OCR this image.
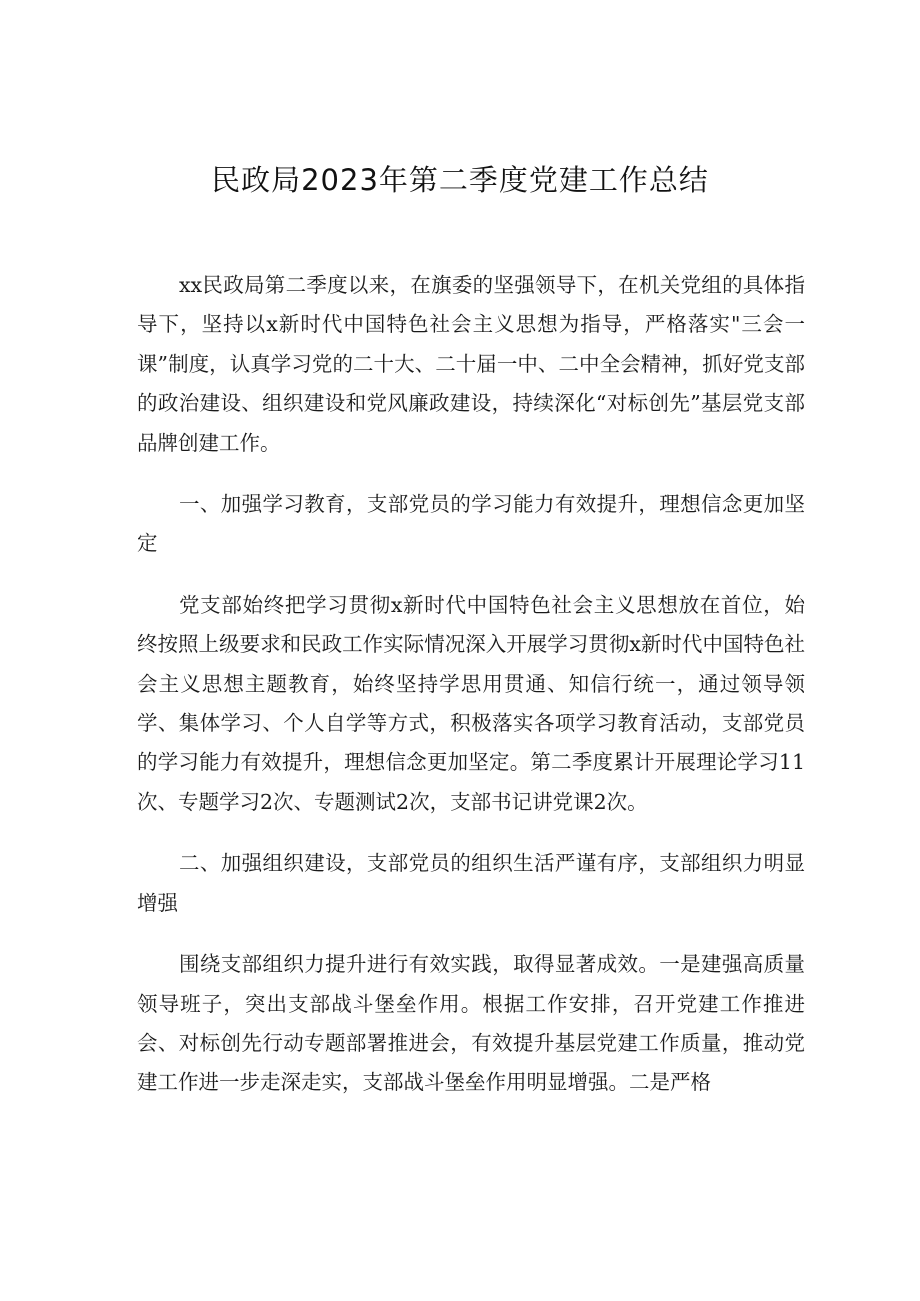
民政局2023年第二季度党建工作总结

xx民政局第二季度以来，在旗委的坚强领导下，在机关党组的具体指导下，坚持以x新时代中国特色社会主义思想为指导，严格落实"三会一课”制度，认真学习党的二十大、二十届一中、二中全会精神，抓好党支部的政治建设、组织建设和党风廉政建设，持续深化“对标创先”基层党支部品牌创建工作。

一、加强学习教育，支部党员的学习能力有效提升，理想信念更加坚定

党支部始终把学习贯彻x新时代中国特色社会主义思想放在首位，始终按照上级要求和民政工作实际情况深入开展学习贯彻x新时代中国特色社会主义思想主题教育，始终坚持学思用贯通、知信行统一，通过领导领学、集体学习、个人自学等方式，积极落实各项学习教育活动，支部党员的学习能力有效提升，理想信念更加坚定。第二季度累计开展理论学习11次、专题学习2次、专题测试2次，支部书记讲党课2次。

二、加强组织建设，支部党员的组织生活严谨有序，支部组织力明显增强

围绕支部组织力提升进行有效实践，取得显著成效。一是建强高质量领导班子，突出支部战斗堡垒作用。根据工作安排，召开党建工作推进会、对标创先行动专题部署推进会，有效提升基层党建工作质量，推动党建工作进一步走深走实，支部战斗堡垒作用明显增强。二是严格
